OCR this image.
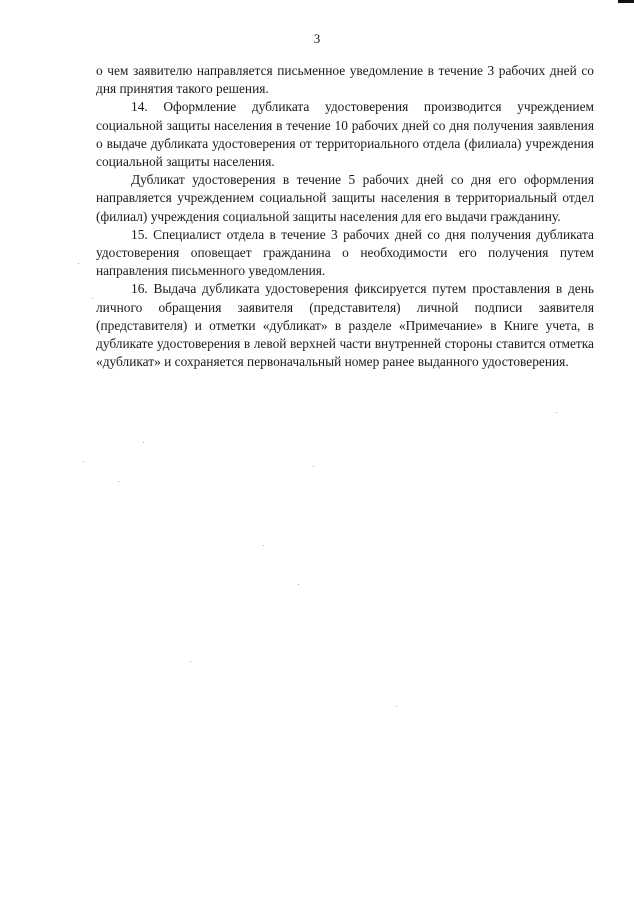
3

о чем заявителю направляется письменное уведомление в течение 3 рабочих дней со дня принятия такого решения.

14. Оформление дубликата удостоверения производится учреждением социальной защиты населения в течение 10 рабочих дней со дня получения заявления о выдаче дубликата удостоверения от территориального отдела (филиала) учреждения социальной защиты населения.

Дубликат удостоверения в течение 5 рабочих дней со дня его оформления направляется учреждением социальной защиты населения в территориальный отдел (филиал) учреждения социальной защиты населения для его выдачи гражданину.

15. Специалист отдела в течение 3 рабочих дней со дня получения дубликата удостоверения оповещает гражданина о необходимости его получения путем направления письменного уведомления.

16. Выдача дубликата удостоверения фиксируется путем проставления в день личного обращения заявителя (представителя) личной подписи заявителя (представителя) и отметки «дубликат» в разделе «Примечание» в Книге учета, в дубликате удостоверения в левой верхней части внутренней стороны ставится отметка «дубликат» и сохраняется первоначальный номер ранее выданного удостоверения.
